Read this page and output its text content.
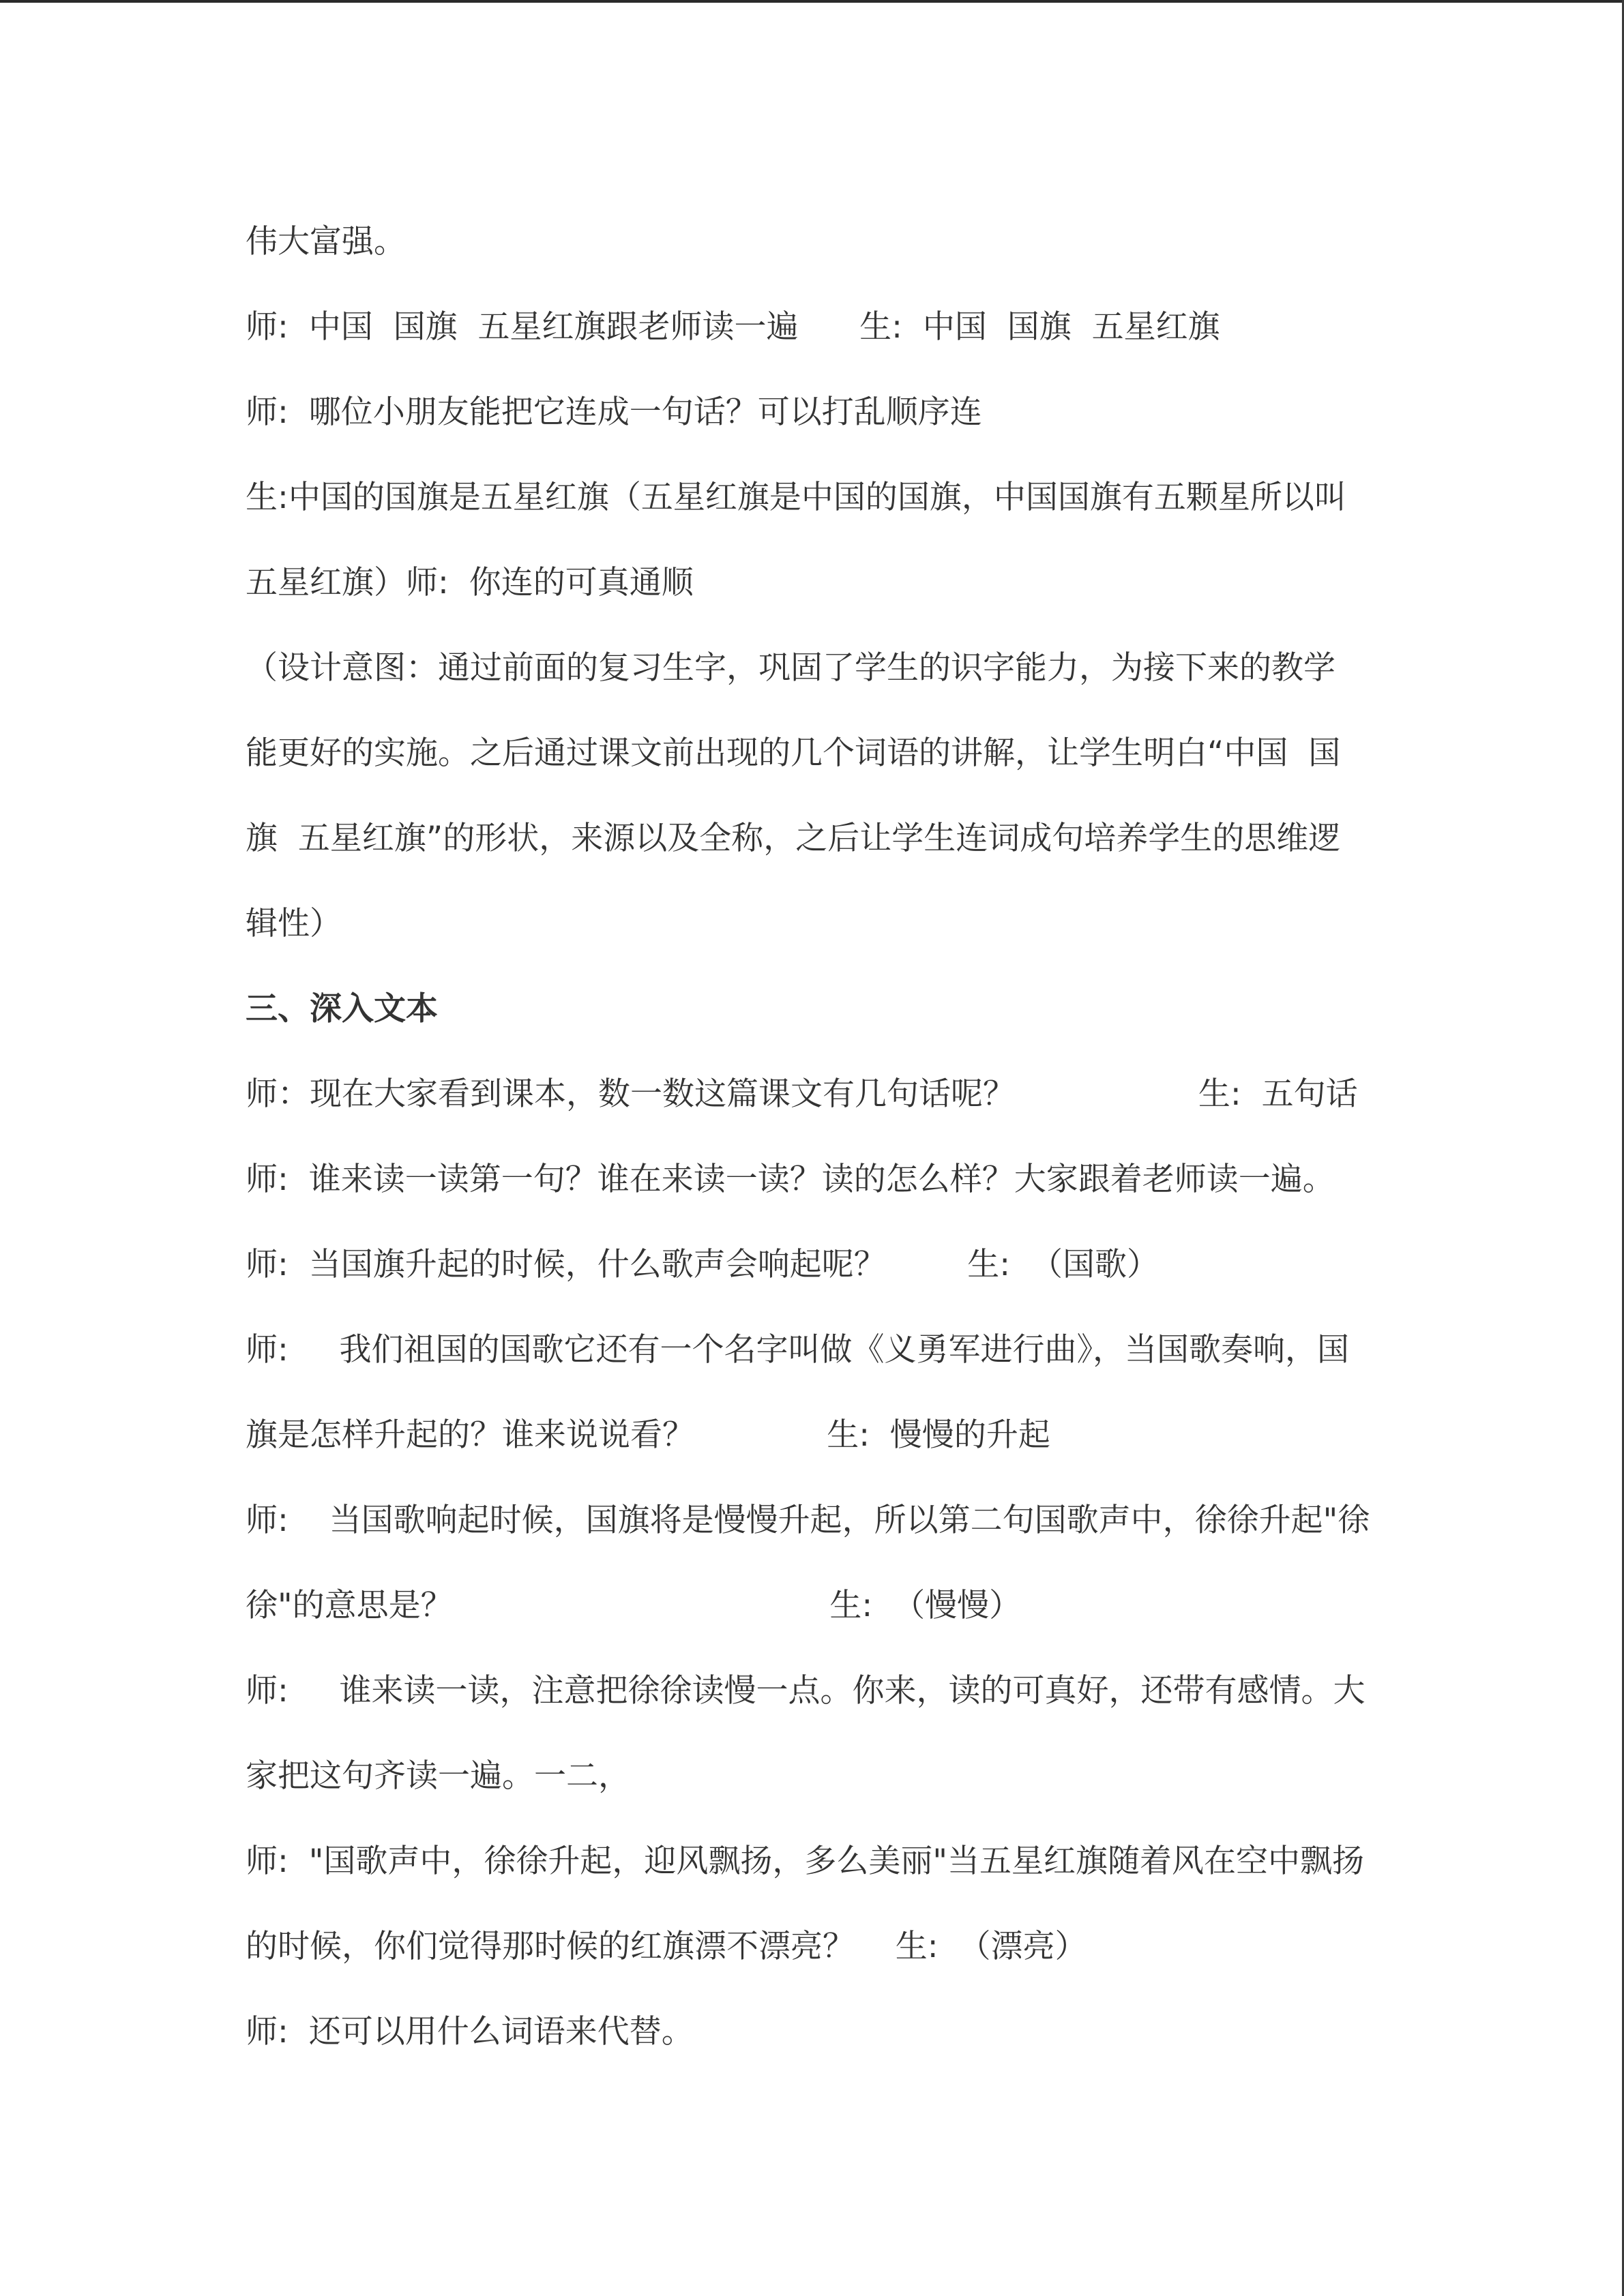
伟大富强。
师:  中国  国旗  五星红旗跟老师读一遍      生:  中国  国旗  五星红旗
师:  哪位小朋友能把它连成一句话？可以打乱顺序连
生:中国的国旗是五星红旗（五星红旗是中国的国旗，中国国旗有五颗星所以叫
五星红旗）师:  你连的可真通顺
（设计意图：通过前面的复习生字，巩固了学生的识字能力，为接下来的教学
能更好的实施。之后通过课文前出现的几个词语的讲解，让学生明白“中国  国
旗  五星红旗”的形状，来源以及全称，之后让学生连词成句培养学生的思维逻
辑性）
三、深入文本
师：现在大家看到课本，数一数这篇课文有几句话呢？                  生:  五句话
师:  谁来读一读第一句？谁在来读一读？读的怎么样？大家跟着老师读一遍。
师:  当国旗升起的时候，什么歌声会响起呢？        生:  （国歌）
师:     我们祖国的国歌它还有一个名字叫做《义勇军进行曲》，当国歌奏响，国
旗是怎样升起的？谁来说说看？             生:  慢慢的升起
师:    当国歌响起时候，国旗将是慢慢升起，所以第二句国歌声中，徐徐升起"徐
徐"的意思是？                                     生:  （慢慢）
师:     谁来读一读，注意把徐徐读慢一点。你来，读的可真好，还带有感情。大
家把这句齐读一遍。一二，
师:  "国歌声中，徐徐升起，迎风飘扬，多么美丽"当五星红旗随着风在空中飘扬
的时候，你们觉得那时候的红旗漂不漂亮？    生:  （漂亮）
师:  还可以用什么词语来代替。
